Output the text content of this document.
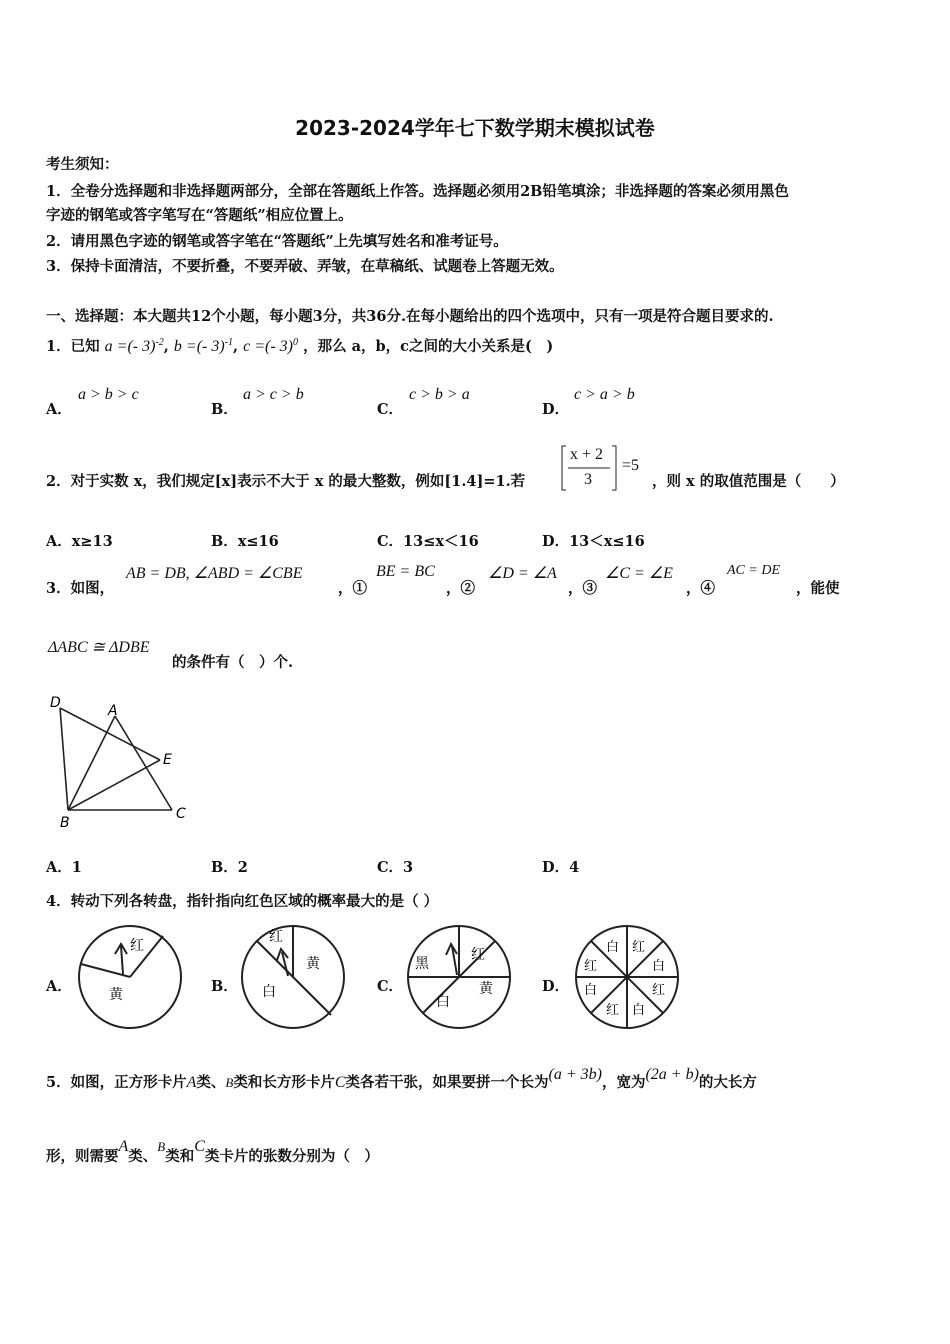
2023-2024学年七下数学期末模拟试卷
考生须知：
1．全卷分选择题和非选择题两部分，全部在答题纸上作答。选择题必须用2B铅笔填涂；非选择题的答案必须用黑色
字迹的钢笔或答字笔写在“答题纸”相应位置上。
2．请用黑色字迹的钢笔或答字笔在“答题纸”上先填写姓名和准考证号。
3．保持卡面清洁，不要折叠，不要弄破、弄皱，在草稿纸、试题卷上答题无效。
一、选择题：本大题共12个小题，每小题3分，共36分.在每小题给出的四个选项中，只有一项是符合题目要求的.
1．已知 a =(- 3)$^{-2}$, b =(- 3)$^{-1}$, c =(- 3)$^0$ ，那么 a，b，c之间的大小关系是(　)
A．
a > b > c
B．
a > c > b
C．
c > b > a
D．
c > a > b
2．对于实数 x，我们规定[x]表示不大于 x 的最大整数，例如[1.4]=1.若
x + 2
3
=5
，则 x 的取值范围是（　　）
A．x≥13	B．x≤16	C．13≤x＜16	D．13＜x≤16
3．如图，
AB = DB, ∠ABD = ∠CBE
，①
BE = BC
，②
∠D = ∠A
，③
∠C = ∠E
，④
AC = DE
，能使
ΔABC ≅ ΔDBE
的条件有（　）个.
D	A
E
B
C
A．1	B．2	C．3	D．4
4．转动下列各转盘，指针指向红色区域的概率最大的是（ ）
A．
红
黄	B．
红
黄
白	C．
黑
红
黄
白
D．
白 红
白
红
白
红
白
红
5．如图，正方形卡片A类、B类和长方形卡片C类各若干张，如果要拼一个长为(a + 3b)，宽为(2a + b)的大长方
形，则需要A类、B类和C类卡片的张数分别为（　）
